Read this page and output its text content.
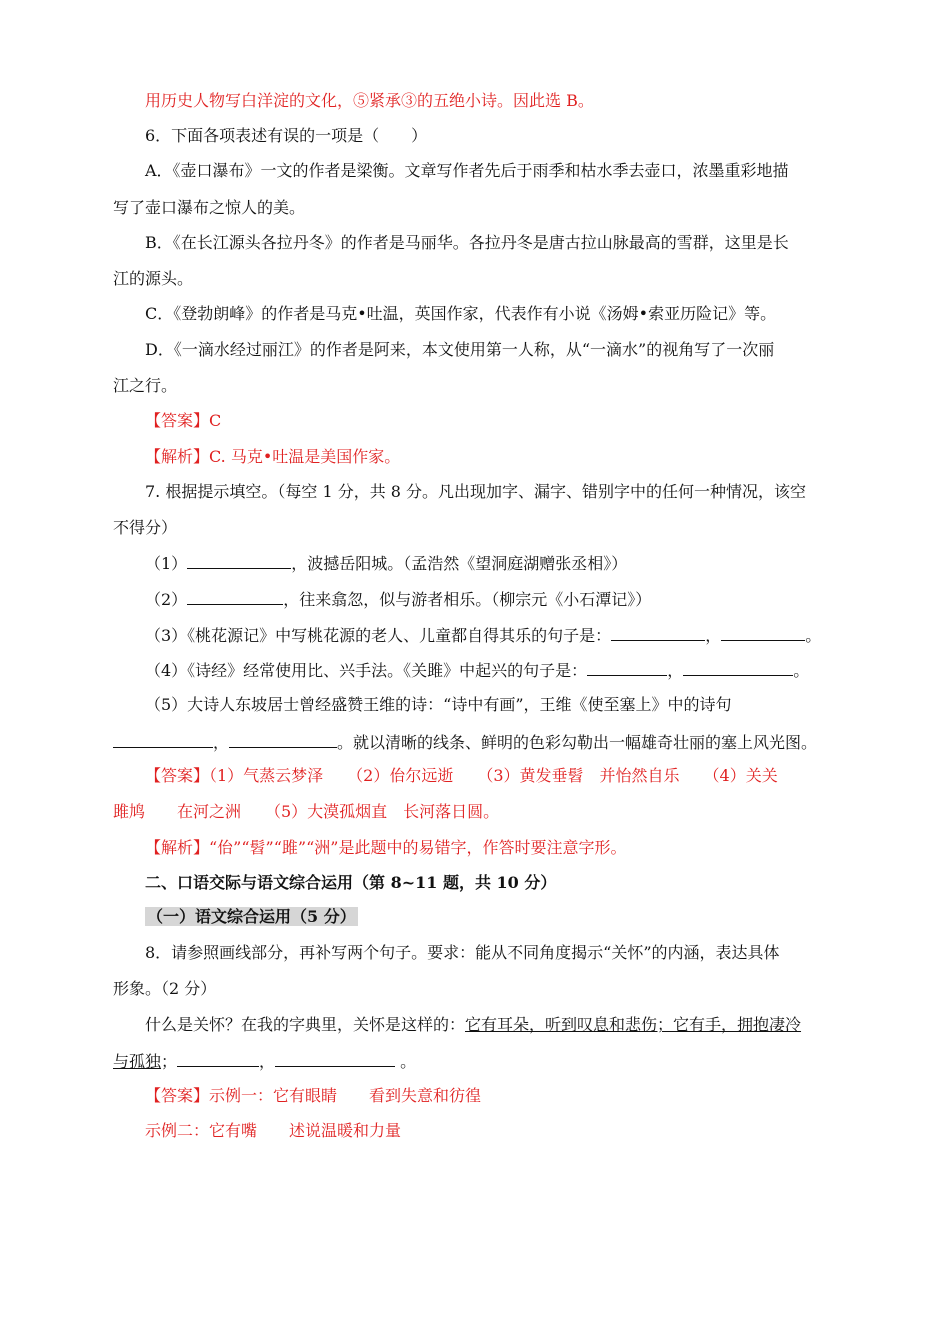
用历史人物写白洋淀的文化，⑤紧承③的五绝小诗。因此选 B。
6．下面各项表述有误的一项是（　　）
A．《壶口瀑布》一文的作者是梁衡。文章写作者先后于雨季和枯水季去壶口，浓墨重彩地描
写了壶口瀑布之惊人的美。
B．《在长江源头各拉丹冬》的作者是马丽华。各拉丹冬是唐古拉山脉最高的雪群，这里是长
江的源头。
C．《登勃朗峰》的作者是马克•吐温，英国作家，代表作有小说《汤姆•索亚历险记》等。
D．《一滴水经过丽江》的作者是阿来，本文使用第一人称，从“一滴水”的视角写了一次丽
江之行。
【答案】C
【解析】C. 马克•吐温是美国作家。
7. 根据提示填空。（每空 1 分，共 8 分。凡出现加字、漏字、错别字中的任何一种情况，该空
不得分）
（1）	，波撼岳阳城。（孟浩然《望洞庭湖赠张丞相》）
（2）	，往来翕忽，似与游者相乐。（柳宗元《小石潭记》）
（3）《桃花源记》中写桃花源的老人、儿童都自得其乐的句子是：	，	。
（4）《诗经》经常使用比、兴手法。《关雎》中起兴的句子是：	，	。
（5）大诗人东坡居士曾经盛赞王维的诗：“诗中有画”，王维《使至塞上》中的诗句
，	。就以清晰的线条、鲜明的色彩勾勒出一幅雄奇壮丽的塞上风光图。
【答案】（1）气蒸云梦泽　　（2）佁尔远逝　　（3）黄发垂髫　并怡然自乐　　（4）关关
雎鸠　　在河之洲　　（5）大漠孤烟直　长河落日圆。
【解析】“佁”“髫”“雎”“洲”是此题中的易错字，作答时要注意字形。
二、口语交际与语文综合运用（第 8~11 题，共 10 分）
（一）语文综合运用（5 分）
8．请参照画线部分，再补写两个句子。要求：能从不同角度揭示“关怀”的内涵，表达具体
形象。（2 分）
什么是关怀？在我的字典里，关怀是这样的：它有耳朵，听到叹息和悲伤；它有手，拥抱凄冷
与孤独；	，	。
【答案】示例一：它有眼睛　　看到失意和彷徨
示例二：它有嘴　　述说温暖和力量
